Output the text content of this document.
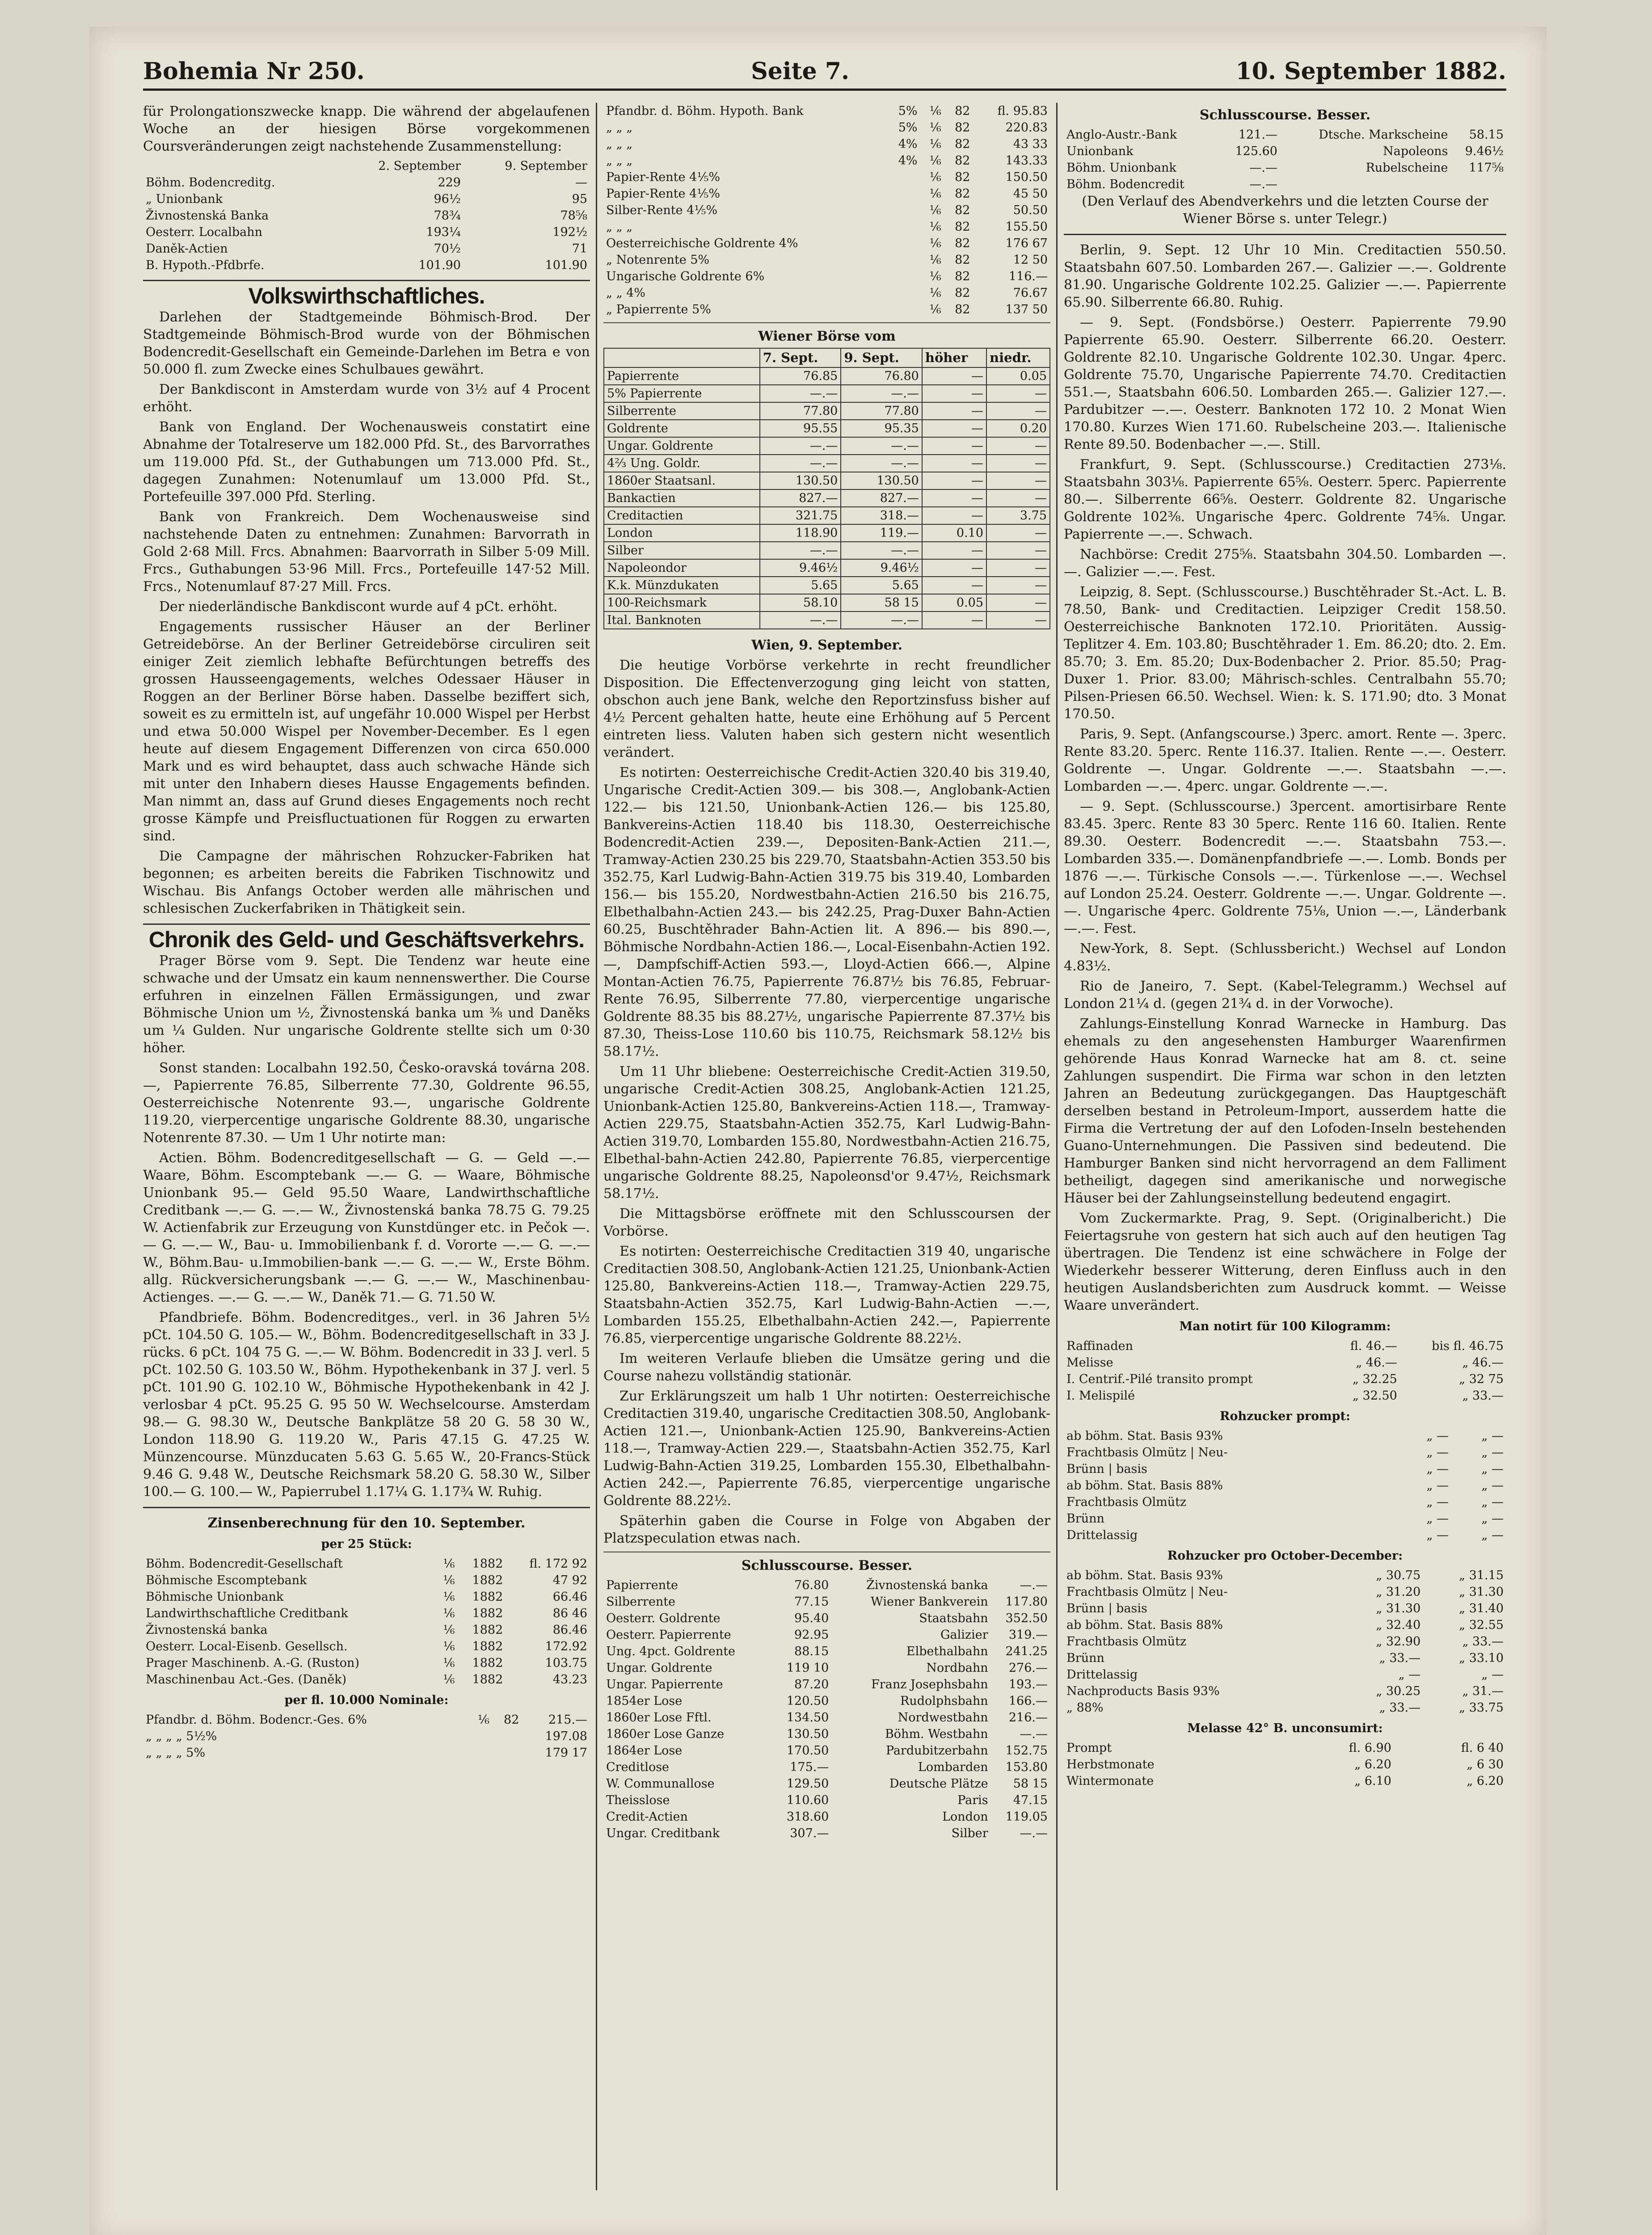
Bohemia Nr 250.	Seite 7.	10. September 1882.

für Prolongationszwecke knapp. Die während der abgelaufenen Woche an der hiesigen Börse vorgekommenen Coursveränderungen zeigt nachstehende Zusammenstellung:

	2. September	9. September
Böhm. Bodencreditg.	229	—
„ Unionbank	96½	95
Živnostenská Banka	78¾	78⅝
Oesterr. Localbahn	193¼	192½
Daněk-Actien	70½	71
B. Hypoth.-Pfdbrfe.	101.90	101.90
Volkswirthschaftliches.

Darlehen der Stadtgemeinde Böhmisch-Brod. Der Stadtgemeinde Böhmisch-Brod wurde von der Böhmischen Bodencredit-Gesellschaft ein Gemeinde-Darlehen im Betra e von 50.000 fl. zum Zwecke eines Schulbaues gewährt.

Der Bankdiscont in Amsterdam wurde von 3½ auf 4 Procent erhöht.

Bank von England. Der Wochenausweis constatirt eine Abnahme der Totalreserve um 182.000 Pfd. St., des Barvorrathes um 119.000 Pfd. St., der Guthabungen um 713.000 Pfd. St., dagegen Zunahmen: Notenumlauf um 13.000 Pfd. St., Portefeuille 397.000 Pfd. Sterling.

Bank von Frankreich. Dem Wochenausweise sind nachstehende Daten zu entnehmen: Zunahmen: Barvorrath in Gold 2·68 Mill. Frcs. Abnahmen: Baarvorrath in Silber 5·09 Mill. Frcs., Guthabungen 53·96 Mill. Frcs., Portefeuille 147·52 Mill. Frcs., Notenumlauf 87·27 Mill. Frcs.

Der niederländische Bankdiscont wurde auf 4 pCt. erhöht.

Engagements russischer Häuser an der Berliner Getreidebörse. An der Berliner Getreidebörse circuliren seit einiger Zeit ziemlich lebhafte Befürchtungen betreffs des grossen Hausseengagements, welches Odessaer Häuser in Roggen an der Berliner Börse haben. Dasselbe beziffert sich, soweit es zu ermitteln ist, auf ungefähr 10.000 Wispel per Herbst und etwa 50.000 Wispel per November-December. Es l egen heute auf diesem Engagement Differenzen von circa 650.000 Mark und es wird behauptet, dass auch schwache Hände sich mit unter den Inhabern dieses Hausse Engagements befinden. Man nimmt an, dass auf Grund dieses Engagements noch recht grosse Kämpfe und Preisfluctuationen für Roggen zu erwarten sind.

Die Campagne der mährischen Rohzucker-Fabriken hat begonnen; es arbeiten bereits die Fabriken Tischnowitz und Wischau. Bis Anfangs October werden alle mährischen und schlesischen Zuckerfabriken in Thätigkeit sein.

Chronik des Geld- und Geschäftsverkehrs.

Prager Börse vom 9. Sept. Die Tendenz war heute eine schwache und der Umsatz ein kaum nennenswerther. Die Course erfuhren in einzelnen Fällen Ermässigungen, und zwar Böhmische Union um ½, Živnostenská banka um ⅜ und Daněks um ¼ Gulden. Nur ungarische Goldrente stellte sich um 0·30 höher.

Sonst standen: Localbahn 192.50, Česko-oravská továrna 208.—, Papierrente 76.85, Silberrente 77.30, Goldrente 96.55, Oesterreichische Notenrente 93.—, ungarische Goldrente 119.20, vierpercentige ungarische Goldrente 88.30, ungarische Notenrente 87.30. — Um 1 Uhr notirte man:

Actien. Böhm. Bodencreditgesellschaft — G. — Geld —.— Waare, Böhm. Escomptebank —.— G. — Waare, Böhmische Unionbank 95.— Geld 95.50 Waare, Landwirthschaftliche Creditbank —.— G. —.— W., Živnostenská banka 78.75 G. 79.25 W. Actienfabrik zur Erzeugung von Kunstdünger etc. in Pečok —.— G. —.— W., Bau- u. Immobilienbank f. d. Vororte —.— G. —.— W., Böhm.Bau- u.Immobilien-bank —.— G. —.— W., Erste Böhm. allg. Rückversicherungsbank —.— G. —.— W., Maschinenbau-Actienges. —.— G. —.— W., Daněk 71.— G. 71.50 W.

Pfandbriefe. Böhm. Bodencreditges., verl. in 36 Jahren 5½ pCt. 104.50 G. 105.— W., Böhm. Bodencreditgesellschaft in 33 J. rücks. 6 pCt. 104 75 G. —.— W. Böhm. Bodencredit in 33 J. verl. 5 pCt. 102.50 G. 103.50 W., Böhm. Hypothekenbank in 37 J. verl. 5 pCt. 101.90 G. 102.10 W., Böhmische Hypothekenbank in 42 J. verlosbar 4 pCt. 95.25 G. 95 50 W. Wechselcourse. Amsterdam 98.— G. 98.30 W., Deutsche Bankplätze 58 20 G. 58 30 W., London 118.90 G. 119.20 W., Paris 47.15 G. 47.25 W. Münzencourse. Münzducaten 5.63 G. 5.65 W., 20-Francs-Stück 9.46 G. 9.48 W., Deutsche Reichsmark 58.20 G. 58.30 W., Silber 100.— G. 100.— W., Papierrubel 1.17¼ G. 1.17¾ W. Ruhig.

Zinsenberechnung für den 10. September.
per 25 Stück:
Böhm. Bodencredit-Gesellschaft	⅙	1882	fl. 172 92
Böhmische Escomptebank	⅙	1882	47 92
Böhmische Unionbank	⅙	1882	66.46
Landwirthschaftliche Creditbank	⅙	1882	86 46
Živnostenská banka	⅙	1882	86.46
Oesterr. Local-Eisenb. Gesellsch.	⅙	1882	172.92
Prager Maschinenb. A.-G. (Ruston)	⅙	1882	103.75
Maschinenbau Act.-Ges. (Daněk)	⅙	1882	43.23
per fl. 10.000 Nominale:
Pfandbr. d. Böhm. Bodencr.-Ges. 6%	⅙	82	215.—
„ „ „ „ 5½%			197.08
„ „ „ „ 5%			179 17
Pfandbr. d. Böhm. Hypoth. Bank	5%	⅙	82	fl. 95.83
„ „ „	5%	⅙	82	220.83
„ „ „	4%	⅙	82	43 33
„ „ „	4%	⅙	82	143.33
Papier-Rente 4⅕%		⅙	82	150.50
Papier-Rente 4⅕%		⅙	82	45 50
Silber-Rente 4⅕%		⅙	82	50.50
„ „ „		⅙	82	155.50
Oesterreichische Goldrente 4%		⅙	82	176 67
„ Notenrente 5%		⅙	82	12 50
Ungarische Goldrente 6%		⅙	82	116.—
„ „ 4%		⅙	82	76.67
„ Papierrente 5%		⅙	82	137 50
Wiener Börse vom
	7. Sept.	9. Sept.	höher	niedr.
Papierrente	76.85	76.80	—	0.05
5% Papierrente	—.—	—.—	—	—
Silberrente	77.80	77.80	—	—
Goldrente	95.55	95.35	—	0.20
Ungar. Goldrente	—.—	—.—	—	—
4⅔ Ung. Goldr.	—.—	—.—	—	—
1860er Staatsanl.	130.50	130.50	—	—
Bankactien	827.—	827.—	—	—
Creditactien	321.75	318.—	—	3.75
London	118.90	119.—	0.10	—
Silber	—.—	—.—	—	—
Napoleondor	9.46½	9.46½	—	—
K.k. Münzdukaten	5.65	5.65	—	—
100-Reichsmark	58.10	58 15	0.05	—
Ital. Banknoten	—.—	—.—	—	—
Wien, 9. September.

Die heutige Vorbörse verkehrte in recht freundlicher Disposition. Die Effectenverzogung ging leicht von statten, obschon auch jene Bank, welche den Reportzinsfuss bisher auf 4½ Percent gehalten hatte, heute eine Erhöhung auf 5 Percent eintreten liess. Valuten haben sich gestern nicht wesentlich verändert.

Es notirten: Oesterreichische Credit-Actien 320.40 bis 319.40, Ungarische Credit-Actien 309.— bis 308.—, Anglobank-Actien 122.— bis 121.50, Unionbank-Actien 126.— bis 125.80, Bankvereins-Actien 118.40 bis 118.30, Oesterreichische Bodencredit-Actien 239.—, Depositen-Bank-Actien 211.—, Tramway-Actien 230.25 bis 229.70, Staatsbahn-Actien 353.50 bis 352.75, Karl Ludwig-Bahn-Actien 319.75 bis 319.40, Lombarden 156.— bis 155.20, Nordwestbahn-Actien 216.50 bis 216.75, Elbethalbahn-Actien 243.— bis 242.25, Prag-Duxer Bahn-Actien 60.25, Buschtěhrader Bahn-Actien lit. A 896.— bis 890.—, Böhmische Nordbahn-Actien 186.—, Local-Eisenbahn-Actien 192.—, Dampfschiff-Actien 593.—, Lloyd-Actien 666.—, Alpine Montan-Actien 76.75, Papierrente 76.87½ bis 76.85, Februar-Rente 76.95, Silberrente 77.80, vierpercentige ungarische Goldrente 88.35 bis 88.27½, ungarische Papierrente 87.37½ bis 87.30, Theiss-Lose 110.60 bis 110.75, Reichsmark 58.12½ bis 58.17½.

Um 11 Uhr bliebene: Oesterreichische Credit-Actien 319.50, ungarische Credit-Actien 308.25, Anglobank-Actien 121.25, Unionbank-Actien 125.80, Bankvereins-Actien 118.—, Tramway-Actien 229.75, Staatsbahn-Actien 352.75, Karl Ludwig-Bahn-Actien 319.70, Lombarden 155.80, Nordwestbahn-Actien 216.75, Elbethal-bahn-Actien 242.80, Papierrente 76.85, vierpercentige ungarische Goldrente 88.25, Napoleonsd'or 9.47½, Reichsmark 58.17½.

Die Mittagsbörse eröffnete mit den Schlusscoursen der Vorbörse.

Es notirten: Oesterreichische Creditactien 319 40, ungarische Creditactien 308.50, Anglobank-Actien 121.25, Unionbank-Actien 125.80, Bankvereins-Actien 118.—, Tramway-Actien 229.75, Staatsbahn-Actien 352.75, Karl Ludwig-Bahn-Actien —.—, Lombarden 155.25, Elbethalbahn-Actien 242.—, Papierrente 76.85, vierpercentige ungarische Goldrente 88.22½.

Im weiteren Verlaufe blieben die Umsätze gering und die Course nahezu vollständig stationär.

Zur Erklärungszeit um halb 1 Uhr notirten: Oesterreichische Creditactien 319.40, ungarische Creditactien 308.50, Anglobank-Actien 121.—, Unionbank-Actien 125.90, Bankvereins-Actien 118.—, Tramway-Actien 229.—, Staatsbahn-Actien 352.75, Karl Ludwig-Bahn-Actien 319.25, Lombarden 155.30, Elbethalbahn-Actien 242.—, Papierrente 76.85, vierpercentige ungarische Goldrente 88.22½.

Späterhin gaben die Course in Folge von Abgaben der Platzspeculation etwas nach.

Schlusscourse. Besser.
Papierrente	76.80	Živnostenská banka	—.—
Silberrente	77.15	Wiener Bankverein	117.80
Oesterr. Goldrente	95.40	Staatsbahn	352.50
Oesterr. Papierrente	92.95	Galizier	319.—
Ung. 4pct. Goldrente	88.15	Elbethalbahn	241.25
Ungar. Goldrente	119 10	Nordbahn	276.—
Ungar. Papierrente	87.20	Franz Josephsbahn	193.—
1854er Lose	120.50	Rudolphsbahn	166.—
1860er Lose Fftl.	134.50	Nordwestbahn	216.—
1860er Lose Ganze	130.50	Böhm. Westbahn	—.—
1864er Lose	170.50	Pardubitzerbahn	152.75
Creditlose	175.—	Lombarden	153.80
W. Communallose	129.50	Deutsche Plätze	58 15
Theisslose	110.60	Paris	47.15
Credit-Actien	318.60	London	119.05
Ungar. Creditbank	307.—	Silber	—.—
Schlusscourse. Besser.
Anglo-Austr.-Bank	121.—	Dtsche. Markscheine	58.15
Unionbank	125.60	Napoleons	9.46½
Böhm. Unionbank	—.—	Rubelscheine	117⅝
Böhm. Bodencredit	—.—		

(Den Verlauf des Abendverkehrs und die letzten Course der Wiener Börse s. unter Telegr.)

Berlin, 9. Sept. 12 Uhr 10 Min. Creditactien 550.50. Staatsbahn 607.50. Lombarden 267.—. Galizier —.—. Goldrente 81.90. Ungarische Goldrente 102.25. Galizier —.—. Papierrente 65.90. Silberrente 66.80. Ruhig.

— 9. Sept. (Fondsbörse.) Oesterr. Papierrente 79.90 Papierrente 65.90. Oesterr. Silberrente 66.20. Oesterr. Goldrente 82.10. Ungarische Goldrente 102.30. Ungar. 4perc. Goldrente 75.70, Ungarische Papierrente 74.70. Creditactien 551.—, Staatsbahn 606.50. Lombarden 265.—. Galizier 127.—. Pardubitzer —.—. Oesterr. Banknoten 172 10. 2 Monat Wien 170.80. Kurzes Wien 171.60. Rubelscheine 203.—. Italienische Rente 89.50. Bodenbacher —.—. Still.

Frankfurt, 9. Sept. (Schlusscourse.) Creditactien 273⅛. Staatsbahn 303⅛. Papierrente 65⅝. Oesterr. 5perc. Papierrente 80.—. Silberrente 66⅝. Oesterr. Goldrente 82. Ungarische Goldrente 102⅜. Ungarische 4perc. Goldrente 74⅝. Ungar. Papierrente —.—. Schwach.

Nachbörse: Credit 275⅝. Staatsbahn 304.50. Lombarden —.—. Galizier —.—. Fest.

Leipzig, 8. Sept. (Schlusscourse.) Buschtěhrader St.-Act. L. B. 78.50, Bank- und Creditactien. Leipziger Credit 158.50. Oesterreichische Banknoten 172.10. Prioritäten. Aussig-Teplitzer 4. Em. 103.80; Buschtěhrader 1. Em. 86.20; dto. 2. Em. 85.70; 3. Em. 85.20; Dux-Bodenbacher 2. Prior. 85.50; Prag-Duxer 1. Prior. 83.00; Mährisch-schles. Centralbahn 55.70; Pilsen-Priesen 66.50. Wechsel. Wien: k. S. 171.90; dto. 3 Monat 170.50.

Paris, 9. Sept. (Anfangscourse.) 3perc. amort. Rente —. 3perc. Rente 83.20. 5perc. Rente 116.37. Italien. Rente —.—. Oesterr. Goldrente —. Ungar. Goldrente —.—. Staatsbahn —.—. Lombarden —.—. 4perc. ungar. Goldrente —.—.

— 9. Sept. (Schlusscourse.) 3percent. amortisirbare Rente 83.45. 3perc. Rente 83 30 5perc. Rente 116 60. Italien. Rente 89.30. Oesterr. Bodencredit —.—. Staatsbahn 753.—. Lombarden 335.—. Domänenpfandbriefe —.—. Lomb. Bonds per 1876 —.—. Türkische Consols —.—. Türkenlose —.—. Wechsel auf London 25.24. Oesterr. Goldrente —.—. Ungar. Goldrente —.—. Ungarische 4perc. Goldrente 75⅛, Union —.—, Länderbank —.—. Fest.

New-York, 8. Sept. (Schlussbericht.) Wechsel auf London 4.83½.

Rio de Janeiro, 7. Sept. (Kabel-Telegramm.) Wechsel auf London 21¼ d. (gegen 21¾ d. in der Vorwoche).

Zahlungs-Einstellung Konrad Warnecke in Hamburg. Das ehemals zu den angesehensten Hamburger Waarenfirmen gehörende Haus Konrad Warnecke hat am 8. ct. seine Zahlungen suspendirt. Die Firma war schon in den letzten Jahren an Bedeutung zurückgegangen. Das Hauptgeschäft derselben bestand in Petroleum-Import, ausserdem hatte die Firma die Vertretung der auf den Lofoden-Inseln bestehenden Guano-Unternehmungen. Die Passiven sind bedeutend. Die Hamburger Banken sind nicht hervorragend an dem Falliment betheiligt, dagegen sind amerikanische und norwegische Häuser bei der Zahlungseinstellung bedeutend engagirt.

Vom Zuckermarkte. Prag, 9. Sept. (Originalbericht.) Die Feiertagsruhe von gestern hat sich auch auf den heutigen Tag übertragen. Die Tendenz ist eine schwächere in Folge der Wiederkehr besserer Witterung, deren Einfluss auch in den heutigen Auslandsberichten zum Ausdruck kommt. — Weisse Waare unverändert.

Man notirt für 100 Kilogramm:
Raffinaden	fl. 46.—	bis fl. 46.75
Melisse	„ 46.—	„ 46.—
I. Centrif.-Pilé transito prompt	„ 32.25	„ 32 75
I. Melispilé	„ 32.50	„ 33.—
Rohzucker prompt:
ab böhm. Stat. Basis 93%	„ —	„ —
Frachtbasis Olmütz | Neu-	„ —	„ —
Brünn | basis	„ —	„ —
ab böhm. Stat. Basis 88%	„ —	„ —
Frachtbasis Olmütz	„ —	„ —
Brünn	„ —	„ —
Drittelassig	„ —	„ —
Rohzucker pro October-December:
ab böhm. Stat. Basis 93%	„ 30.75	„ 31.15
Frachtbasis Olmütz | Neu-	„ 31.20	„ 31.30
Brünn | basis	„ 31.30	„ 31.40
ab böhm. Stat. Basis 88%	„ 32.40	„ 32.55
Frachtbasis Olmütz	„ 32.90	„ 33.—
Brünn	„ 33.—	„ 33.10
Drittelassig	„ —	„ —
Nachproducts Basis 93%	„ 30.25	„ 31.—
„ 88%	„ 33.—	„ 33.75
Melasse 42° B. unconsumirt:
Prompt	fl. 6.90	fl. 6 40
Herbstmonate	„ 6.20	„ 6 30
Wintermonate	„ 6.10	„ 6.20
